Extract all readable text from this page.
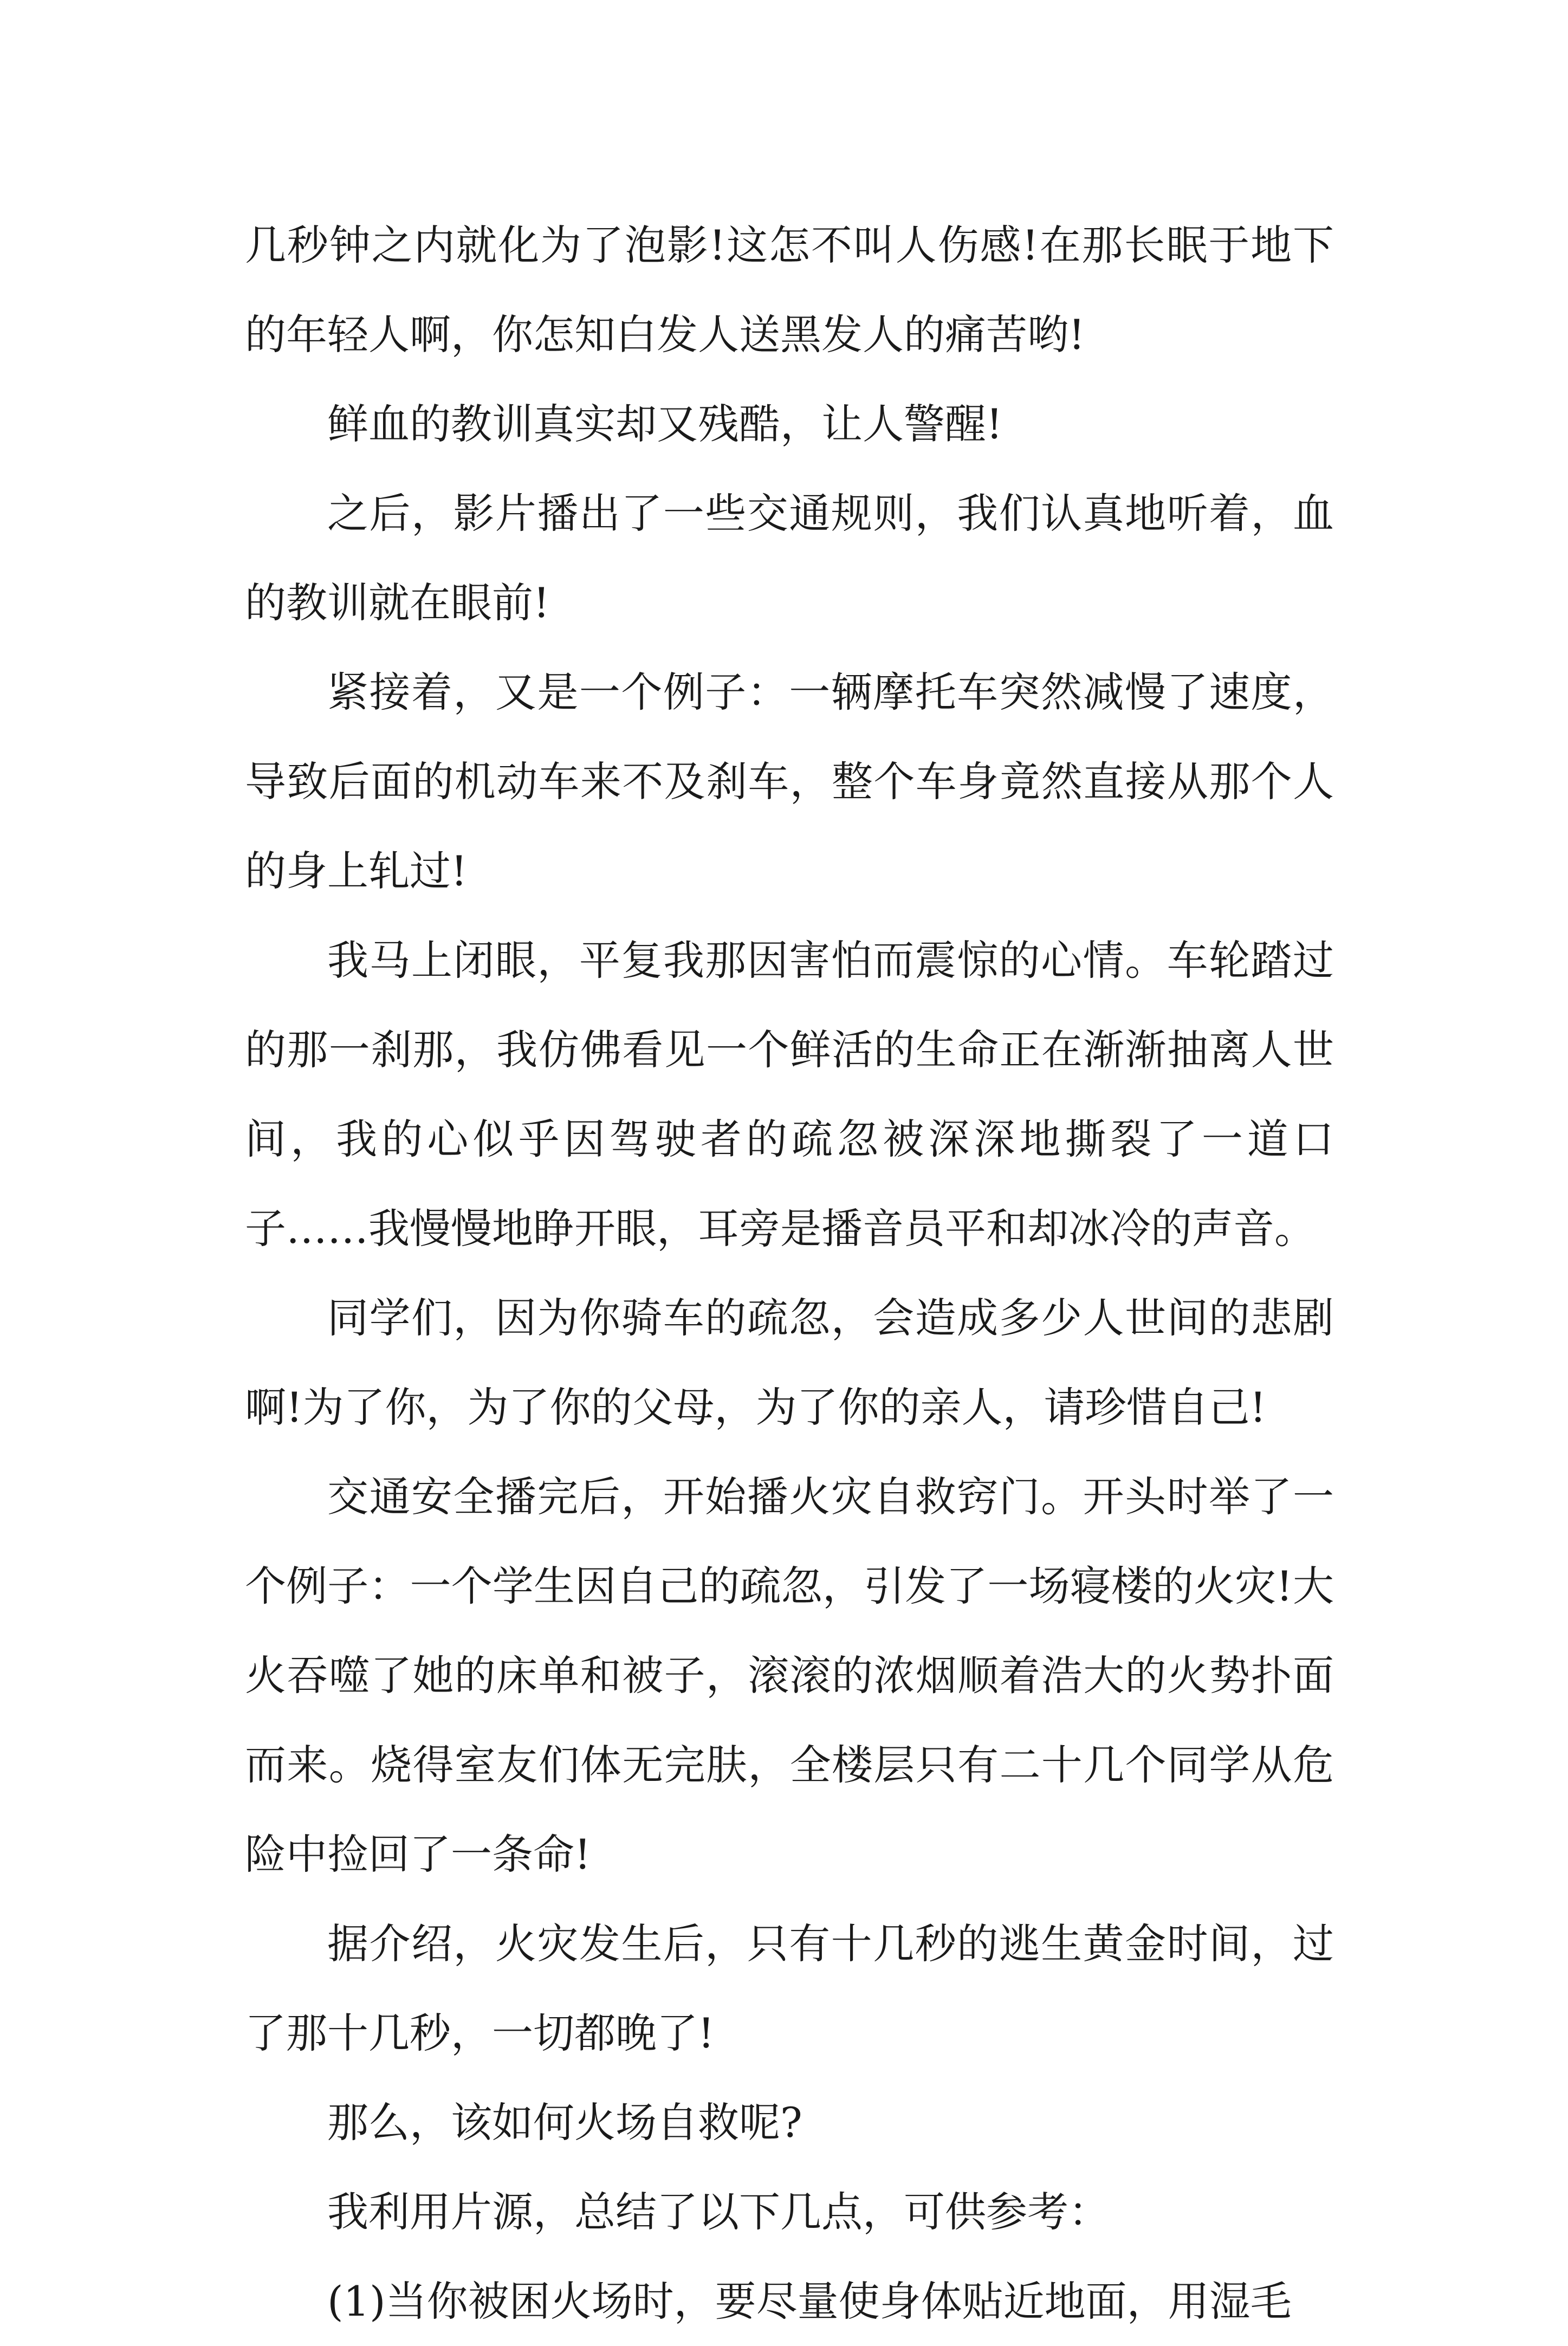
几秒钟之内就化为了泡影!这怎不叫人伤感!在那长眠于地下的年轻人啊，你怎知白发人送黑发人的痛苦哟!

鲜血的教训真实却又残酷，让人警醒!

之后，影片播出了一些交通规则，我们认真地听着，血的教训就在眼前!

紧接着，又是一个例子：一辆摩托车突然减慢了速度，导致后面的机动车来不及刹车，整个车身竟然直接从那个人的身上轧过!

我马上闭眼，平复我那因害怕而震惊的心情。车轮踏过的那一刹那，我仿佛看见一个鲜活的生命正在渐渐抽离人世间，我的心似乎因驾驶者的疏忽被深深地撕裂了一道口子……我慢慢地睁开眼，耳旁是播音员平和却冰冷的声音。

同学们，因为你骑车的疏忽，会造成多少人世间的悲剧啊!为了你，为了你的父母，为了你的亲人，请珍惜自己!

交通安全播完后，开始播火灾自救窍门。开头时举了一个例子：一个学生因自己的疏忽，引发了一场寝楼的火灾!大火吞噬了她的床单和被子，滚滚的浓烟顺着浩大的火势扑面而来。烧得室友们体无完肤，全楼层只有二十几个同学从危险中捡回了一条命!

据介绍，火灾发生后，只有十几秒的逃生黄金时间，过了那十几秒，一切都晚了!

那么，该如何火场自救呢?

我利用片源，总结了以下几点，可供参考：

(1)当你被困火场时，要尽量使身体贴近地面，用湿毛
